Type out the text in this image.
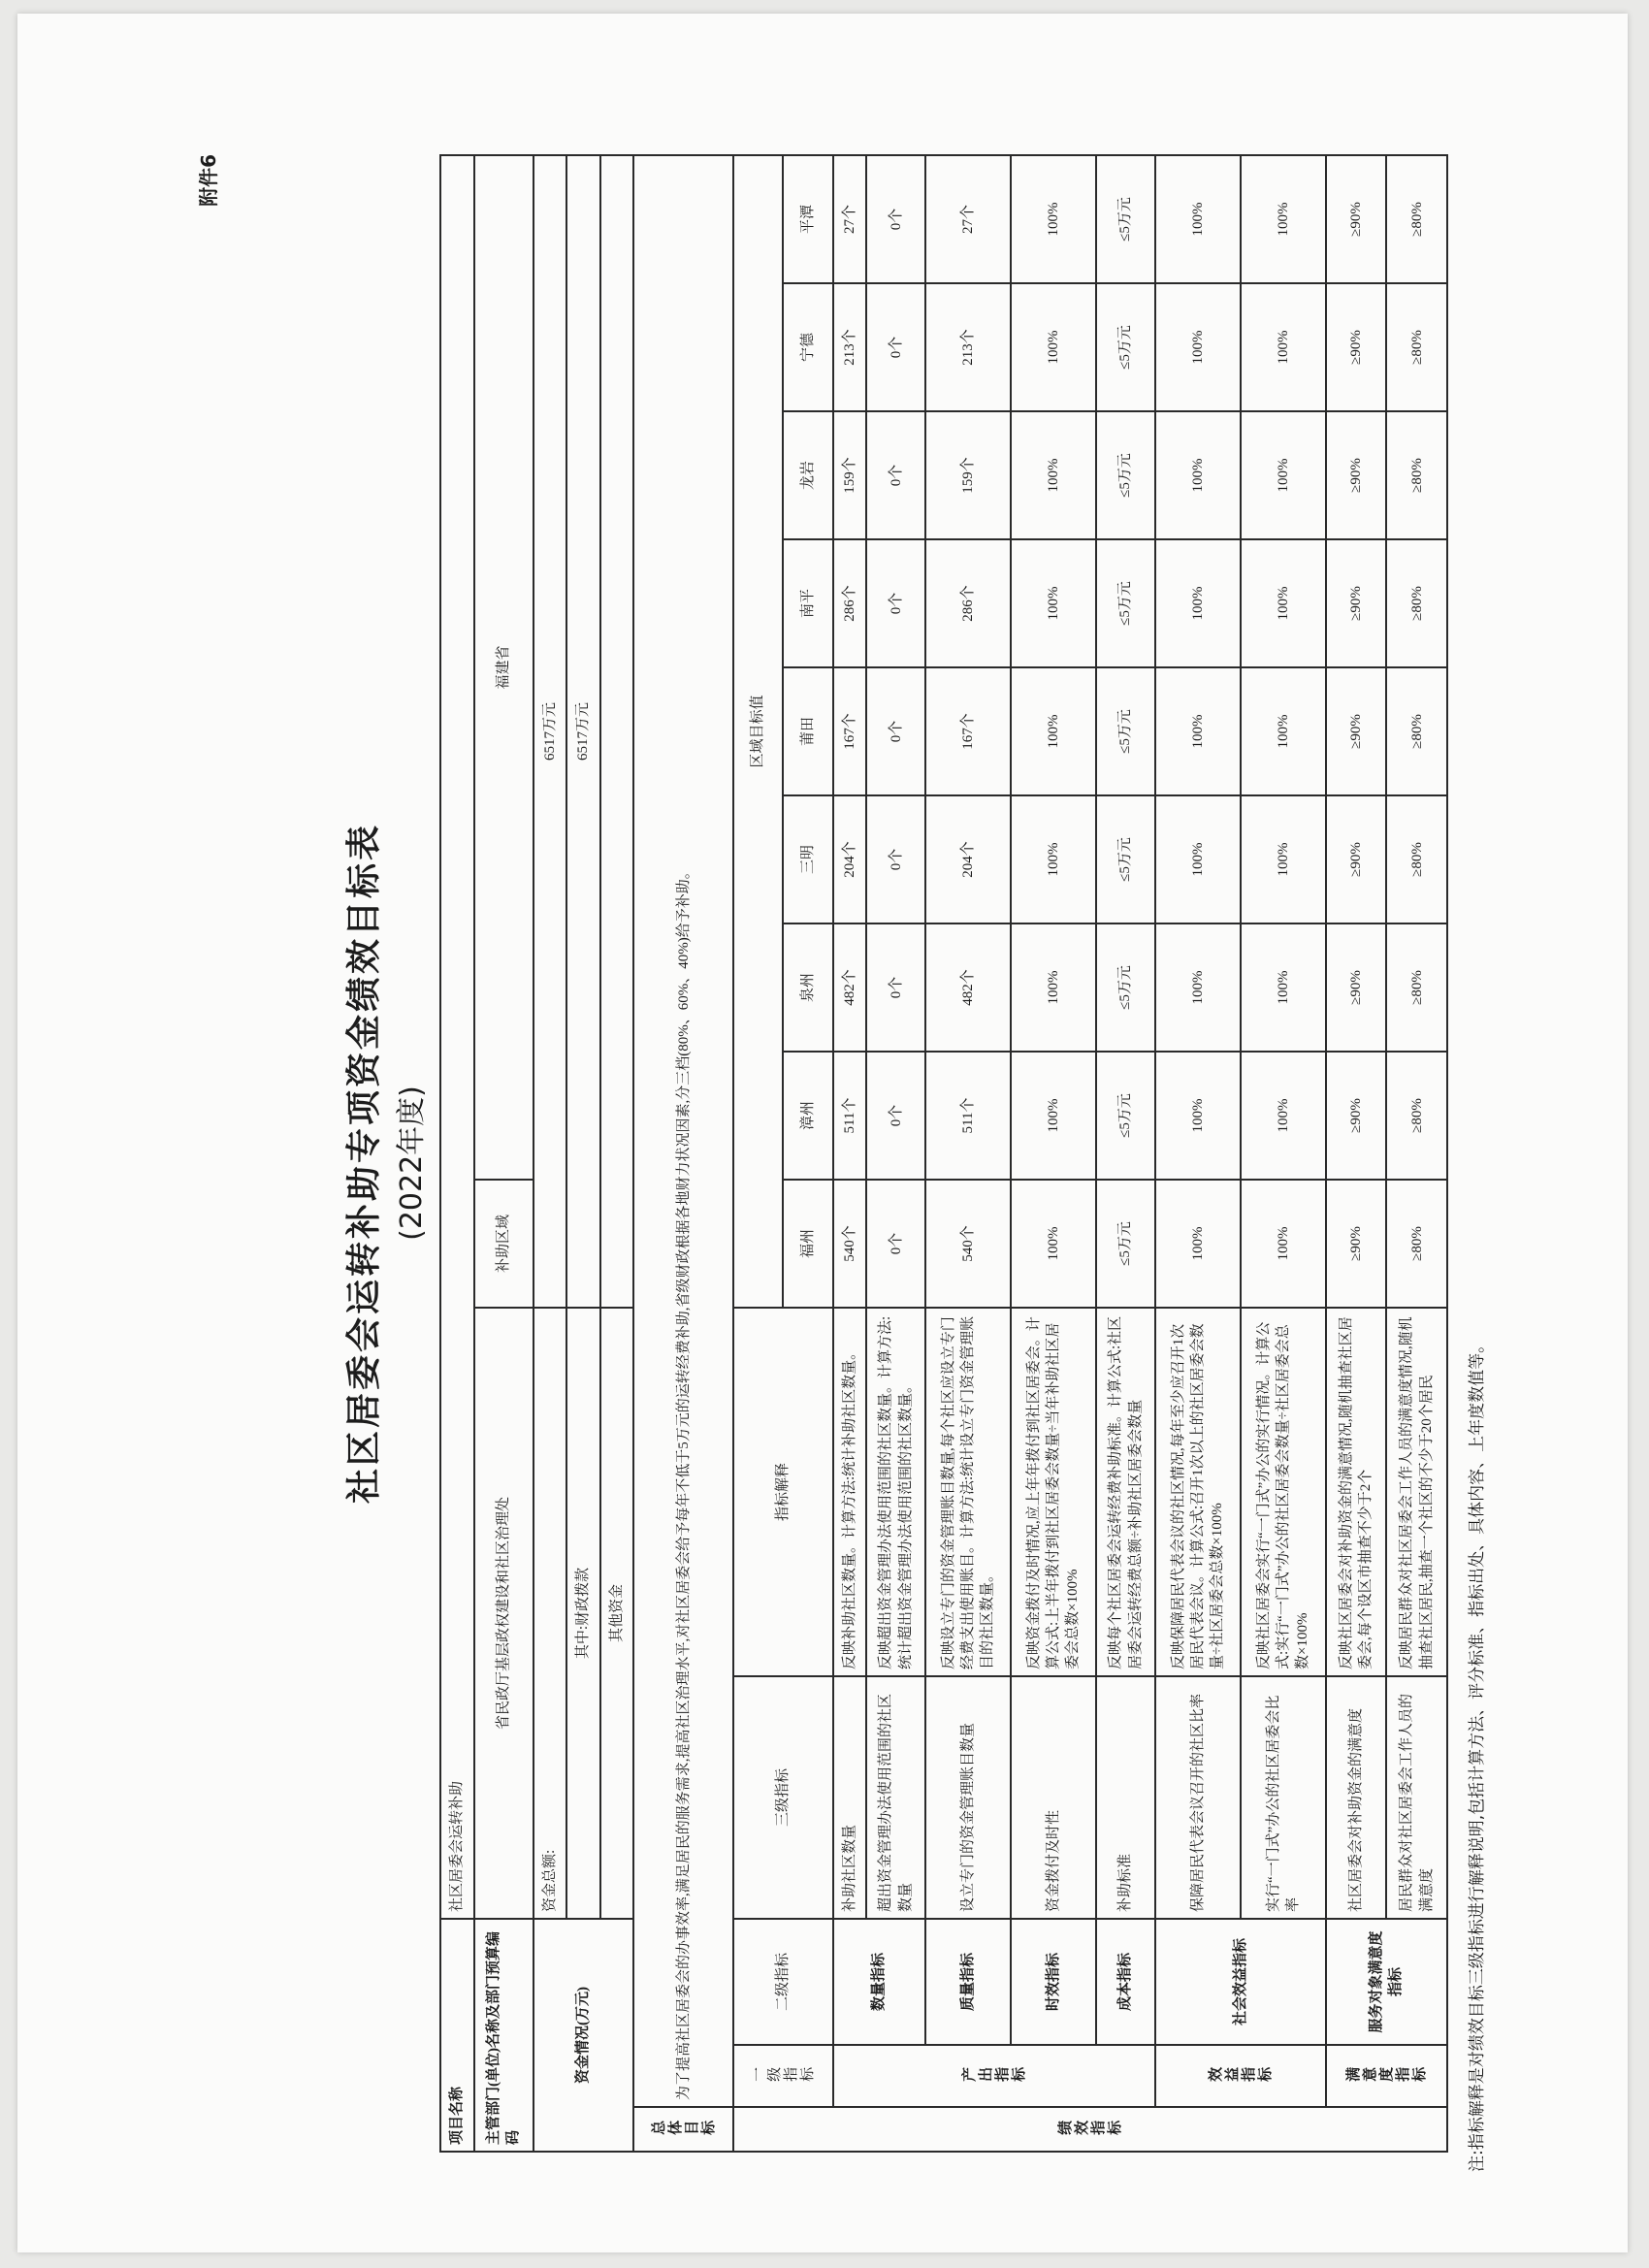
附件6
社区居委会运转补助专项资金绩效目标表 (2022年度)
项目名称			社区居委会运转补助										
主管部门(单位)名称及部门预算编码			省民政厅基层政权建设和社区治理处		补助区域	福建省							
资金情况(万元)			资金总额:		6517万元								
			其中:财政拨款		6517万元								
			其他资金										
总体目标	为了提高社区居委会的办事效率,满足居民的服务需求,提高社区治理水平,对社区居委会给予每年不低于5万元的运转经费补助,省级财政根据各地财力状况因素,分三档(80%、60%、40%)给予补助。												
绩效指标	一级指标	二级指标	三级指标	指标解释	区域目标值								
					福州	漳州	泉州	三明	莆田	南平	龙岩	宁德	平潭
	产出指标	数量指标	补助社区数量	反映补助社区数量。计算方法:统计补助社区数量。	540个	511个	482个	204个	167个	286个	159个	213个	27个
			超出资金管理办法使用范围的社区数量	反映超出资金管理办法使用范围的社区数量。计算方法:统计超出资金管理办法使用范围的社区数量。	0个	0个	0个	0个	0个	0个	0个	0个	0个
		质量指标	设立专门的资金管理账目数量	反映设立专门的资金管理账目数量,每个社区应设立专门经费支出使用账目。计算方法:统计设立专门资金管理账目的社区数量。	540个	511个	482个	204个	167个	286个	159个	213个	27个
		时效指标	资金拨付及时性	反映资金拨付及时情况,应上年年拨付到社区居委会。计算公式:上半年拨付到社区居委会数量÷当年补助社区居委会总数×100%	100%	100%	100%	100%	100%	100%	100%	100%	100%
		成本指标	补助标准	反映每个社区居委会运转经费补助标准。计算公式:社区居委会运转经费总额÷补助社区居委会数量	≤5万元	≤5万元	≤5万元	≤5万元	≤5万元	≤5万元	≤5万元	≤5万元	≤5万元
	效益指标	社会效益指标	保障居民代表会议召开的社区比率	反映保障居民代表会议的社区情况,每年至少应召开1次居民代表会议。计算公式:召开1次以上的社区居委会数量÷社区居委会总数×100%	100%	100%	100%	100%	100%	100%	100%	100%	100%
			实行“一门式”办公的社区居委会比率	反映社区居委会实行“一门式”办公的实行情况。计算公式:实行“一门式”办公的社区居委会数量÷社区居委会总数×100%	100%	100%	100%	100%	100%	100%	100%	100%	100%
	满意度指标	服务对象满意度指标	社区居委会对补助资金的满意度	反映社区居委会对补助资金的满意情况,随机抽查社区居委会,每个设区市抽查不少于2个	≥90%	≥90%	≥90%	≥90%	≥90%	≥90%	≥90%	≥90%	≥90%
			居民群众对社区居委会工作人员的满意度	反映居民群众对社区居委会工作人员的满意度情况,随机抽查社区居民,抽查一个社区的不少于20个居民	≥80%	≥80%	≥80%	≥80%	≥80%	≥80%	≥80%	≥80%	≥80%
注:指标解释是对绩效目标三级指标进行解释说明,包括计算方法、评分标准、指标出处、具体内容、上年度数值等。
